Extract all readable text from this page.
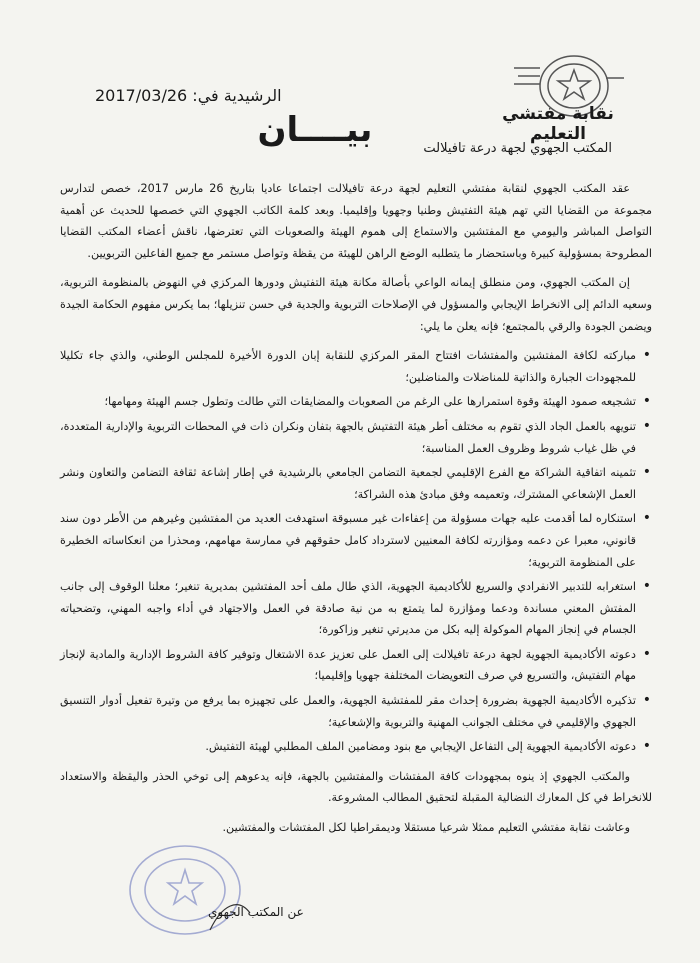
الرشيدية في: 2017/03/26
نقابة مفتشي التعليم
بيــــان	المكتب الجهوي لجهة درعة تافيلالت

عقد المكتب الجهوي لنقابة مفتشي التعليم لجهة درعة تافيلالت اجتماعا عاديا بتاريخ 26 مارس 2017، خصص لتدارس مجموعة من القضايا التي تهم هيئة التفتيش وطنيا وجهويا وإقليميا. وبعد كلمة الكاتب الجهوي التي خصصها للحديث عن أهمية التواصل المباشر واليومي مع المفتشين والاستماع إلى هموم الهيئة والصعوبات التي تعترضها، ناقش أعضاء المكتب القضايا المطروحة بمسؤولية كبيرة وباستحضار ما يتطلبه الوضع الراهن للهيئة من يقظة وتواصل مستمر مع جميع الفاعلين التربويين.

إن المكتب الجهوي، ومن منطلق إيمانه الواعي بأصالة مكانة هيئة التفتيش ودورها المركزي في النهوض بالمنظومة التربوية، وسعيه الدائم إلى الانخراط الإيجابي والمسؤول في الإصلاحات التربوية والجدية في حسن تنزيلها؛ بما يكرس مفهوم الحكامة الجيدة ويضمن الجودة والرقي بالمجتمع؛ فإنه يعلن ما يلي:

• مباركته لكافة المفتشين والمفتشات افتتاح المقر المركزي للنقابة إبان الدورة الأخيرة للمجلس الوطني، والذي جاء تكليلا للمجهودات الجبارة والذاتية للمناضلات والمناضلين؛
• تشجيعه صمود الهيئة وقوة استمرارها على الرغم من الصعوبات والمضايقات التي طالت وتطول جسم الهيئة ومهامها؛
• تنويهه بالعمل الجاد الذي تقوم به مختلف أطر هيئة التفتيش بالجهة بتفان ونكران ذات في المحطات التربوية والإدارية المتعددة، في ظل غياب شروط وظروف العمل المناسبة؛
• تثمينه اتفاقية الشراكة مع الفرع الإقليمي لجمعية التضامن الجامعي بالرشيدية في إطار إشاعة ثقافة التضامن والتعاون ونشر العمل الإشعاعي المشترك، وتعميمه وفق مبادئ هذه الشراكة؛
• استنكاره لما أقدمت عليه جهات مسؤولة من إعفاءات غير مسبوقة استهدفت العديد من المفتشين وغيرهم من الأطر دون سند قانوني، معبرا عن دعمه ومؤازرته لكافة المعنيين لاسترداد كامل حقوقهم في ممارسة مهامهم، ومحذرا من انعكاساته الخطيرة على المنظومة التربوية؛
• استغرابه للتدبير الانفرادي والسريع للأكاديمية الجهوية، الذي طال ملف أحد المفتشين بمديرية تنغير؛ معلنا الوقوف إلى جانب المفتش المعني مساندة ودعما ومؤازرة لما يتمتع به من نية صادقة في العمل والاجتهاد في أداء واجبه المهني، وتضحياته الجسام في إنجاز المهام الموكولة إليه بكل من مديرتي تنغير وزاكورة؛
• دعوته الأكاديمية الجهوية لجهة درعة تافيلالت إلى العمل على تعزيز عدة الاشتغال وتوفير كافة الشروط الإدارية والمادية لإنجاز مهام التفتيش، والتسريع في صرف التعويضات المختلفة جهويا وإقليميا؛
• تذكيره الأكاديمية الجهوية بضرورة إحداث مقر للمفتشية الجهوية، والعمل على تجهيزه بما يرفع من وتيرة تفعيل أدوار التنسيق الجهوي والإقليمي في مختلف الجوانب المهنية والتربوية والإشعاعية؛
• دعوته الأكاديمية الجهوية إلى التفاعل الإيجابي مع بنود ومضامين الملف المطلبي لهيئة التفتيش.

والمكتب الجهوي إذ ينوه بمجهودات كافة المفتشات والمفتشين بالجهة، فإنه يدعوهم إلى توخي الحذر واليقظة والاستعداد للانخراط في كل المعارك النضالية المقبلة لتحقيق المطالب المشروعة.

وعاشت نقابة مفتشي التعليم ممثلا شرعيا مستقلا وديمقراطيا لكل المفتشات والمفتشين.

عن المكتب الجهوي
